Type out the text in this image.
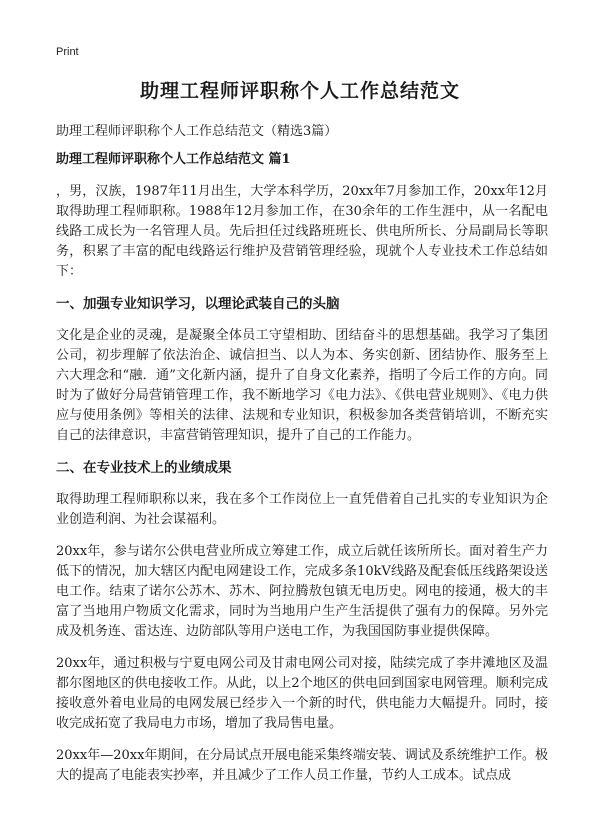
Print
助理工程师评职称个人工作总结范文
助理工程师评职称个人工作总结范文（精选3篇）
助理工程师评职称个人工作总结范文 篇1

，男，汉族，1987年11月出生，大学本科学历，20xx年7月参加工作，20xx年12月取得助理工程师职称。1988年12月参加工作，在30余年的工作生涯中，从一名配电线路工成长为一名管理人员。先后担任过线路班班长、供电所所长、分局副局长等职务，积累了丰富的配电线路运行维护及营销管理经验，现就个人专业技术工作总结如下：

一、加强专业知识学习，以理论武装自己的头脑

文化是企业的灵魂，是凝聚全体员工守望相助、团结奋斗的思想基础。我学习了集团公司，初步理解了依法治企、诚信担当、以人为本、务实创新、团结协作、服务至上六大理念和“融．通”文化新内涵，提升了自身文化素养，指明了今后工作的方向。同时为了做好分局营销管理工作，我不断地学习《电力法》、《供电营业规则》、《电力供应与使用条例》等相关的法律、法规和专业知识，积极参加各类营销培训，不断充实自己的法律意识，丰富营销管理知识，提升了自己的工作能力。

二、在专业技术上的业绩成果

取得助理工程师职称以来，我在多个工作岗位上一直凭借着自己扎实的专业知识为企业创造利润、为社会谋福利。

20xx年，参与诺尔公供电营业所成立筹建工作，成立后就任该所所长。面对着生产力低下的情况，加大辖区内配电网建设工作，完成多条10kV线路及配套低压线路架设送电工作。结束了诺尔公苏木、苏木、阿拉腾敖包镇无电历史。网电的接通，极大的丰富了当地用户物质文化需求，同时为当地用户生产生活提供了强有力的保障。另外完成及机务连、雷达连、边防部队等用户送电工作，为我国国防事业提供保障。

20xx年，通过积极与宁夏电网公司及甘肃电网公司对接，陆续完成了李井滩地区及温都尔图地区的供电接收工作。从此，以上2个地区的供电回到国家电网管理。顺利完成接收意外着电业局的电网发展已经步入一个新的时代，供电能力大幅提升。同时，接收完成拓宽了我局电力市场，增加了我局售电量。

20xx年—20xx年期间，在分局试点开展电能采集终端安装、调试及系统维护工作。极大的提高了电能表实抄率，并且减少了工作人员工作量，节约人工成本。试点成
